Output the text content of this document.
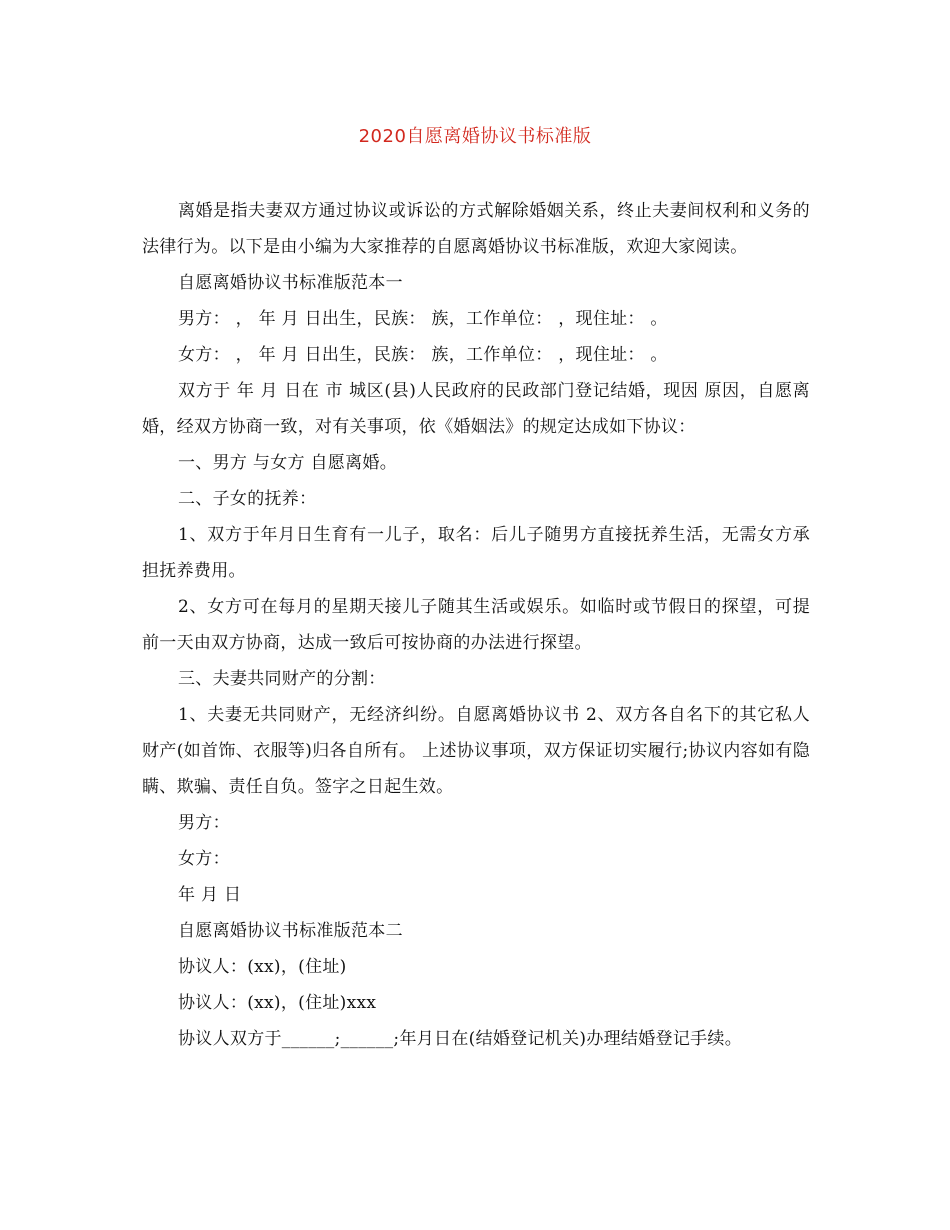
2020自愿离婚协议书标准版

离婚是指夫妻双方通过协议或诉讼的方式解除婚姻关系，终止夫妻间权利和义务的法律行为。以下是由小编为大家推荐的自愿离婚协议书标准版，欢迎大家阅读。

自愿离婚协议书标准版范本一

男方： ， 年 月 日出生，民族： 族，工作单位： ，现住址： 。

女方： ， 年 月 日出生，民族： 族，工作单位： ，现住址： 。

双方于 年 月 日在 市 城区(县)人民政府的民政部门登记结婚，现因 原因，自愿离婚，经双方协商一致，对有关事项，依《婚姻法》的规定达成如下协议：

一、男方 与女方 自愿离婚。

二、子女的抚养：

1、双方于年月日生育有一儿子，取名：后儿子随男方直接抚养生活，无需女方承担抚养费用。

2、女方可在每月的星期天接儿子随其生活或娱乐。如临时或节假日的探望，可提前一天由双方协商，达成一致后可按协商的办法进行探望。

三、夫妻共同财产的分割：

1、夫妻无共同财产，无经济纠纷。自愿离婚协议书 2、双方各自名下的其它私人财产(如首饰、衣服等)归各自所有。 上述协议事项，双方保证切实履行;协议内容如有隐瞒、欺骗、责任自负。签字之日起生效。

男方：

女方：

年 月 日

自愿离婚协议书标准版范本二

协议人：(xx)，(住址)

协议人：(xx)，(住址)xxx

协议人双方于______;______;年月日在(结婚登记机关)办理结婚登记手续。
